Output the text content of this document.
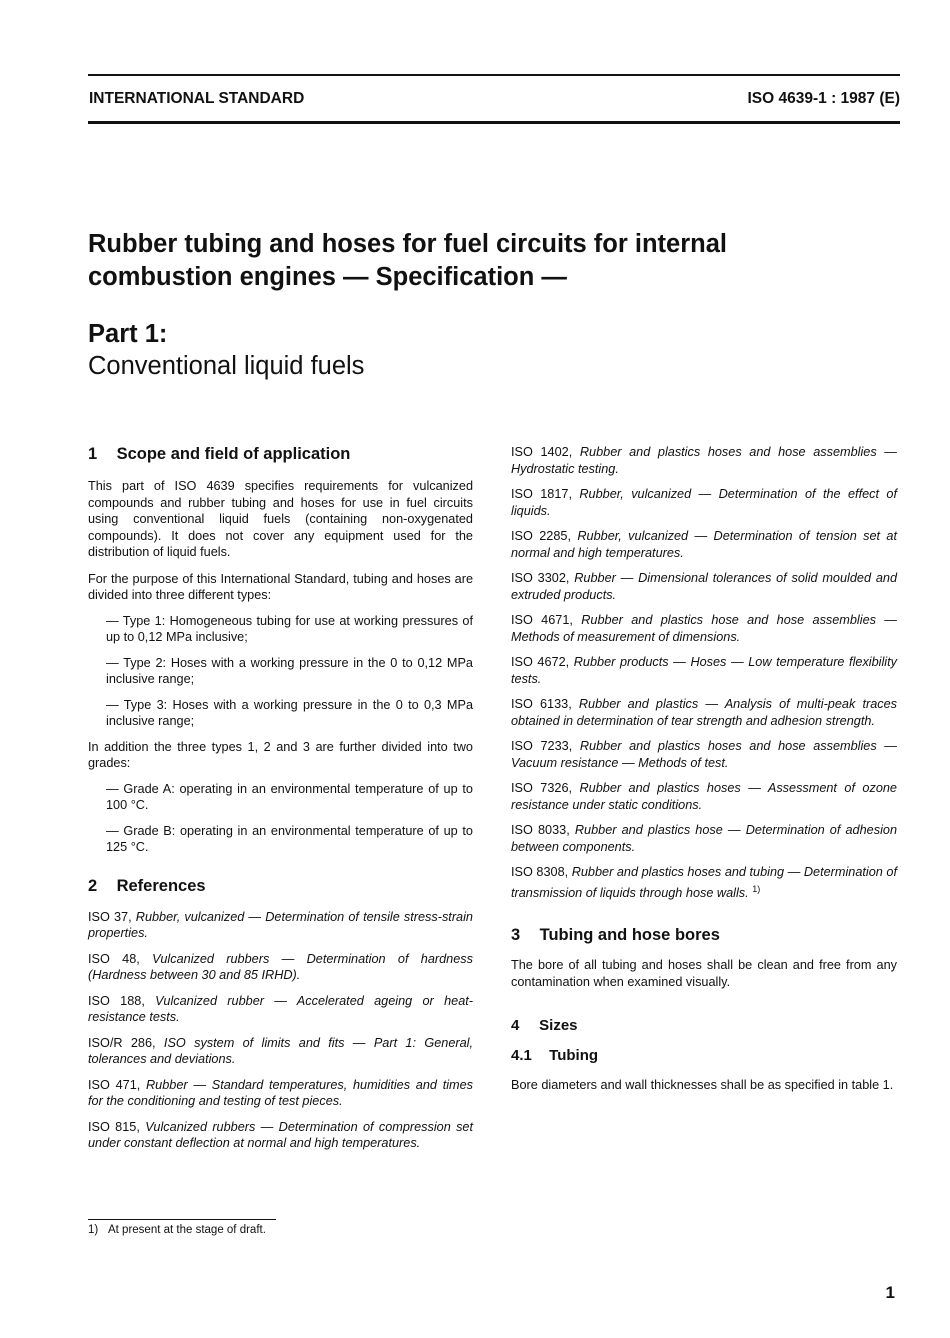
INTERNATIONAL STANDARD	ISO 4639-1 : 1987 (E)
Rubber tubing and hoses for fuel circuits for internal
combustion engines — Specification —
Part 1:
Conventional liquid fuels
1 Scope and field of application

This part of ISO 4639 specifies requirements for vulcanized compounds and rubber tubing and hoses for use in fuel circuits using conventional liquid fuels (containing non-oxygenated compounds). It does not cover any equipment used for the distribution of liquid fuels.

For the purpose of this International Standard, tubing and hoses are divided into three different types:

— Type 1: Homogeneous tubing for use at working pressures of up to 0,12 MPa inclusive;

— Type 2: Hoses with a working pressure in the 0 to 0,12 MPa inclusive range;

— Type 3: Hoses with a working pressure in the 0 to 0,3 MPa inclusive range;

In addition the three types 1, 2 and 3 are further divided into two grades:

— Grade A: operating in an environmental temperature of up to 100 °C.

— Grade B: operating in an environmental temperature of up to 125 °C.

2 References

ISO 37, Rubber, vulcanized — Determination of tensile stress-strain properties.

ISO 48, Vulcanized rubbers — Determination of hardness (Hardness between 30 and 85 IRHD).

ISO 188, Vulcanized rubber — Accelerated ageing or heat-resistance tests.

ISO/R 286, ISO system of limits and fits — Part 1: General, tolerances and deviations.

ISO 471, Rubber — Standard temperatures, humidities and times for the conditioning and testing of test pieces.

ISO 815, Vulcanized rubbers — Determination of compression set under constant deflection at normal and high temperatures.

ISO 1402, Rubber and plastics hoses and hose assemblies — Hydrostatic testing.

ISO 1817, Rubber, vulcanized — Determination of the effect of liquids.

ISO 2285, Rubber, vulcanized — Determination of tension set at normal and high temperatures.

ISO 3302, Rubber — Dimensional tolerances of solid moulded and extruded products.

ISO 4671, Rubber and plastics hose and hose assemblies — Methods of measurement of dimensions.

ISO 4672, Rubber products — Hoses — Low temperature flexibility tests.

ISO 6133, Rubber and plastics — Analysis of multi-peak traces obtained in determination of tear strength and adhesion strength.

ISO 7233, Rubber and plastics hoses and hose assemblies — Vacuum resistance — Methods of test.

ISO 7326, Rubber and plastics hoses — Assessment of ozone resistance under static conditions.

ISO 8033, Rubber and plastics hose — Determination of adhesion between components.

ISO 8308, Rubber and plastics hoses and tubing — Determination of transmission of liquids through hose walls. $^{1)}$

3 Tubing and hose bores

The bore of all tubing and hoses shall be clean and free from any contamination when examined visually.

4 Sizes
4.1 Tubing

Bore diameters and wall thicknesses shall be as specified in table 1.

1) At present at the stage of draft.
1
